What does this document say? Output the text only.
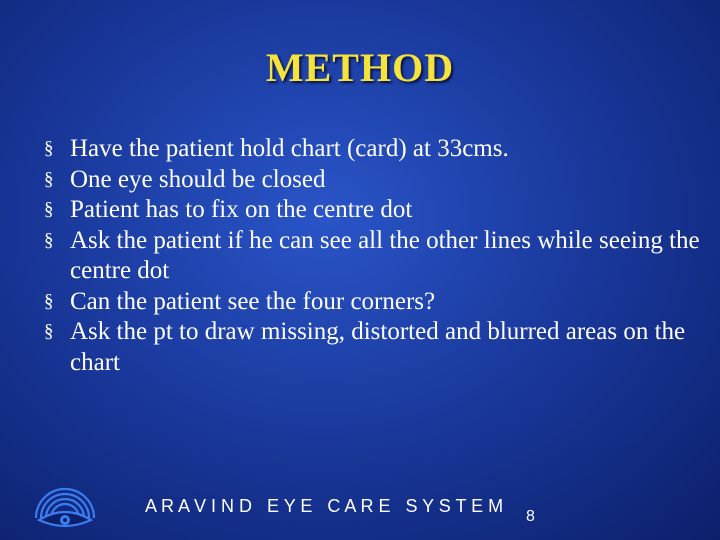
METHOD
§ Have the patient hold chart (card) at 33cms.
§ One eye should be closed
§ Patient has to fix on the centre dot
§ Ask the patient if he can see all the other lines while seeing the centre dot
§ Can the patient see the four corners?
§ Ask the pt to draw missing, distorted and blurred areas on the chart
A R A V I N D   E Y E   C A R E   S Y S T E M
8
